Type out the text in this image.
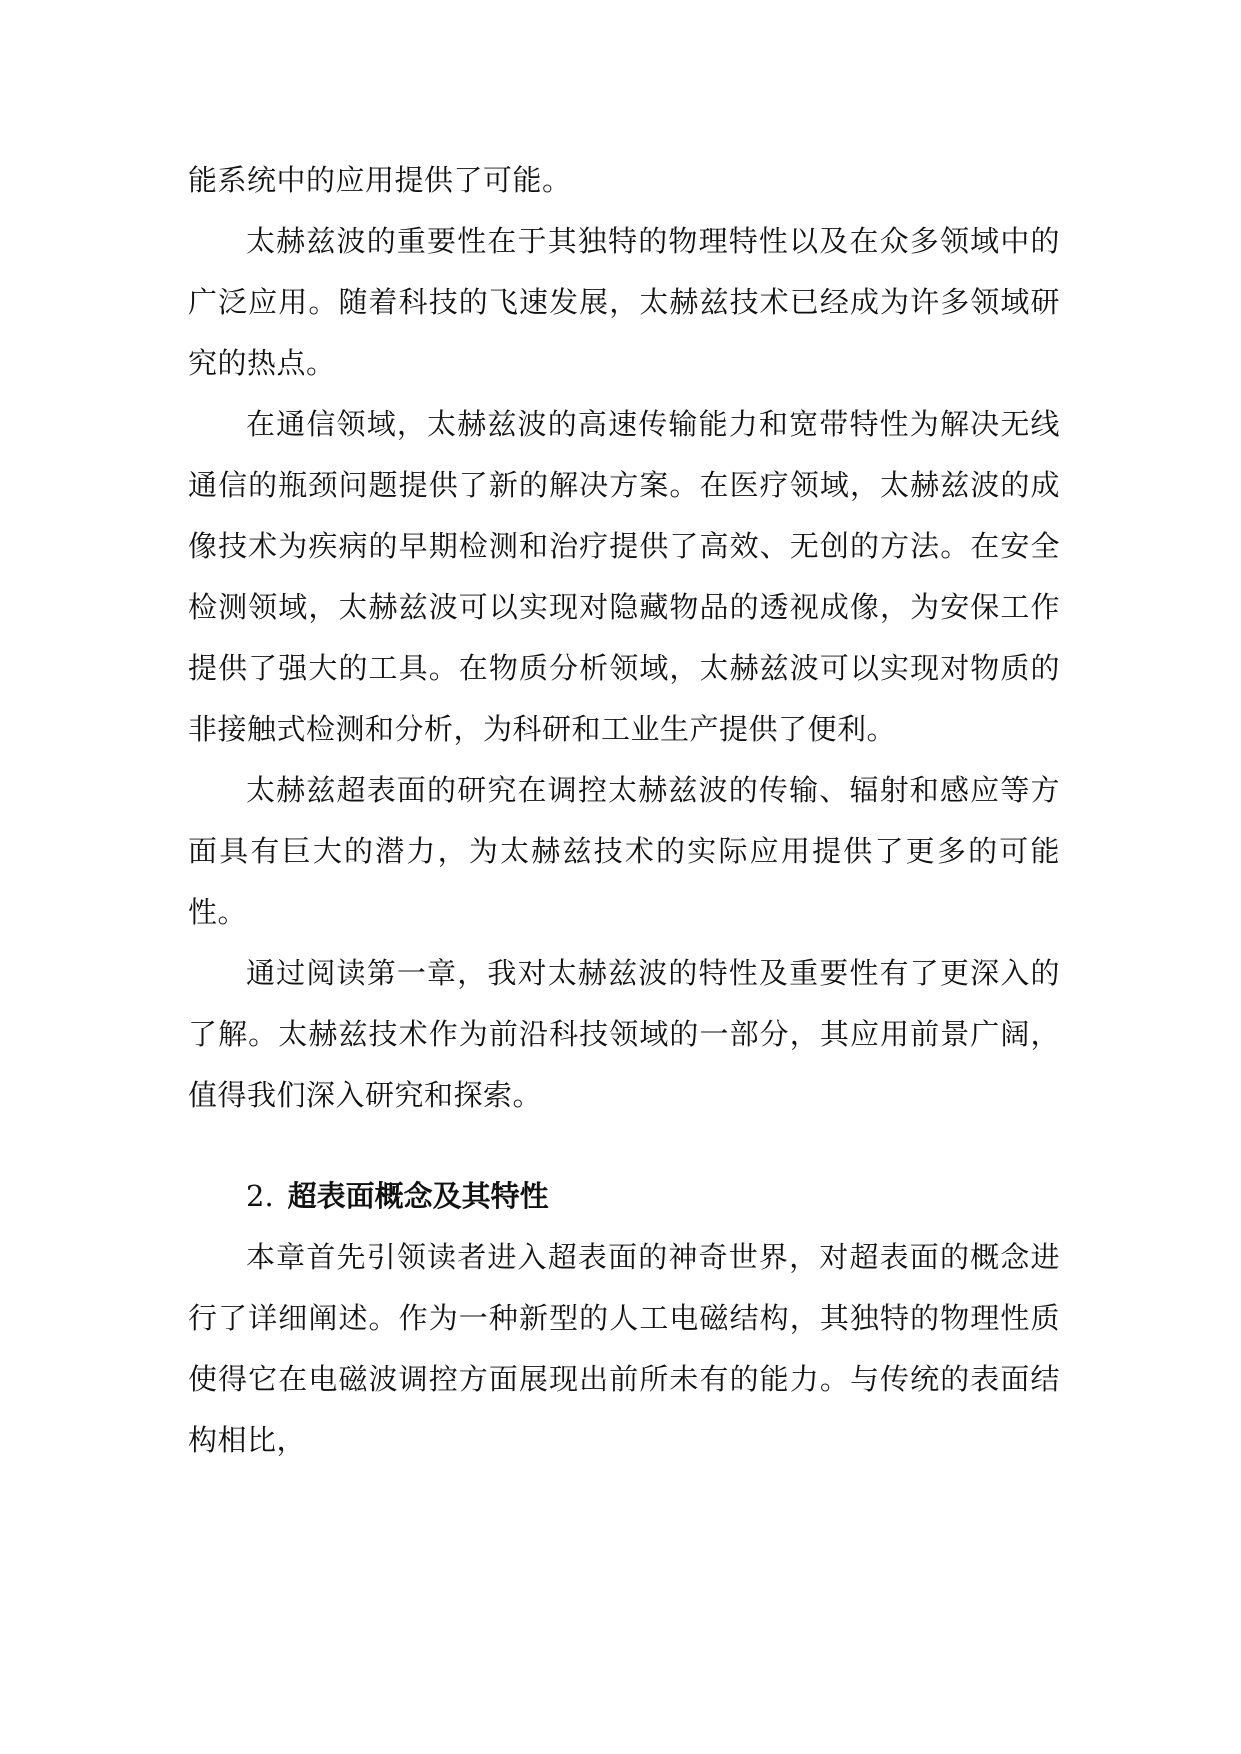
能系统中的应用提供了可能。

太赫兹波的重要性在于其独特的物理特性以及在众多领域中的广泛应用。随着科技的飞速发展，太赫兹技术已经成为许多领域研究的热点。

在通信领域，太赫兹波的高速传输能力和宽带特性为解决无线通信的瓶颈问题提供了新的解决方案。在医疗领域，太赫兹波的成像技术为疾病的早期检测和治疗提供了高效、无创的方法。在安全检测领域，太赫兹波可以实现对隐藏物品的透视成像，为安保工作提供了强大的工具。在物质分析领域，太赫兹波可以实现对物质的非接触式检测和分析，为科研和工业生产提供了便利。

太赫兹超表面的研究在调控太赫兹波的传输、辐射和感应等方面具有巨大的潜力，为太赫兹技术的实际应用提供了更多的可能性。

通过阅读第一章，我对太赫兹波的特性及重要性有了更深入的了解。太赫兹技术作为前沿科技领域的一部分，其应用前景广阔，值得我们深入研究和探索。

2. 超表面概念及其特性

本章首先引领读者进入超表面的神奇世界，对超表面的概念进行了详细阐述。作为一种新型的人工电磁结构，其独特的物理性质使得它在电磁波调控方面展现出前所未有的能力。与传统的表面结构相比，
